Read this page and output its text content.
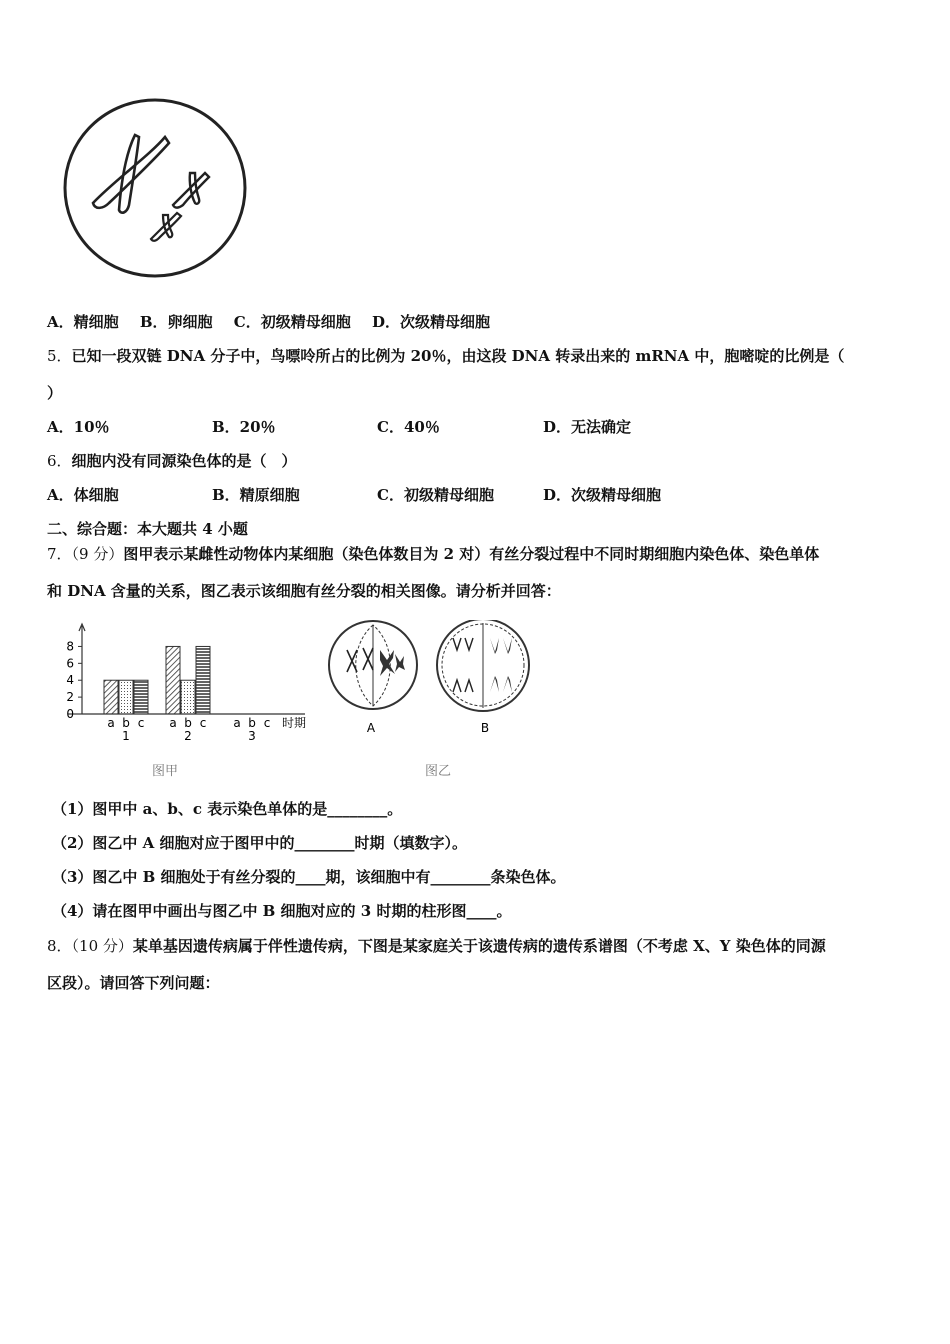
A．精细胞 B．卵细胞 C．初级精母细胞 D．次级精母细胞
5．已知一段双链 DNA 分子中，鸟嘌呤所占的比例为 20％，由这段 DNA 转录出来的 mRNA 中，胞嘧啶的比例是（
）
A．10％	B．20％	C．40％	D．无法确定
6．细胞内没有同源染色体的是（　）
A．体细胞	B．精原细胞	C．初级精母细胞	D．次级精母细胞
二、综合题：本大题共 4 小题
7．（9 分）图甲表示某雌性动物体内某细胞（染色体数目为 2 对）有丝分裂过程中不同时期细胞内染色体、染色单体
和 DNA 含量的关系，图乙表示该细胞有丝分裂的相关图像。请分析并回答：
0
2
4
6
8
a b c
1
a b c
2
a b c
3
时期
图甲
A	B
图乙
（1）图甲中 a、b、c 表示染色单体的是________。
（2）图乙中 A 细胞对应于图甲中的________时期（填数字）。
（3）图乙中 B 细胞处于有丝分裂的____期，该细胞中有________条染色体。
（4）请在图甲中画出与图乙中 B 细胞对应的 3 时期的柱形图____。
8．（10 分）某单基因遗传病属于伴性遗传病，下图是某家庭关于该遗传病的遗传系谱图（不考虑 X、Y 染色体的同源
区段）。请回答下列问题：
